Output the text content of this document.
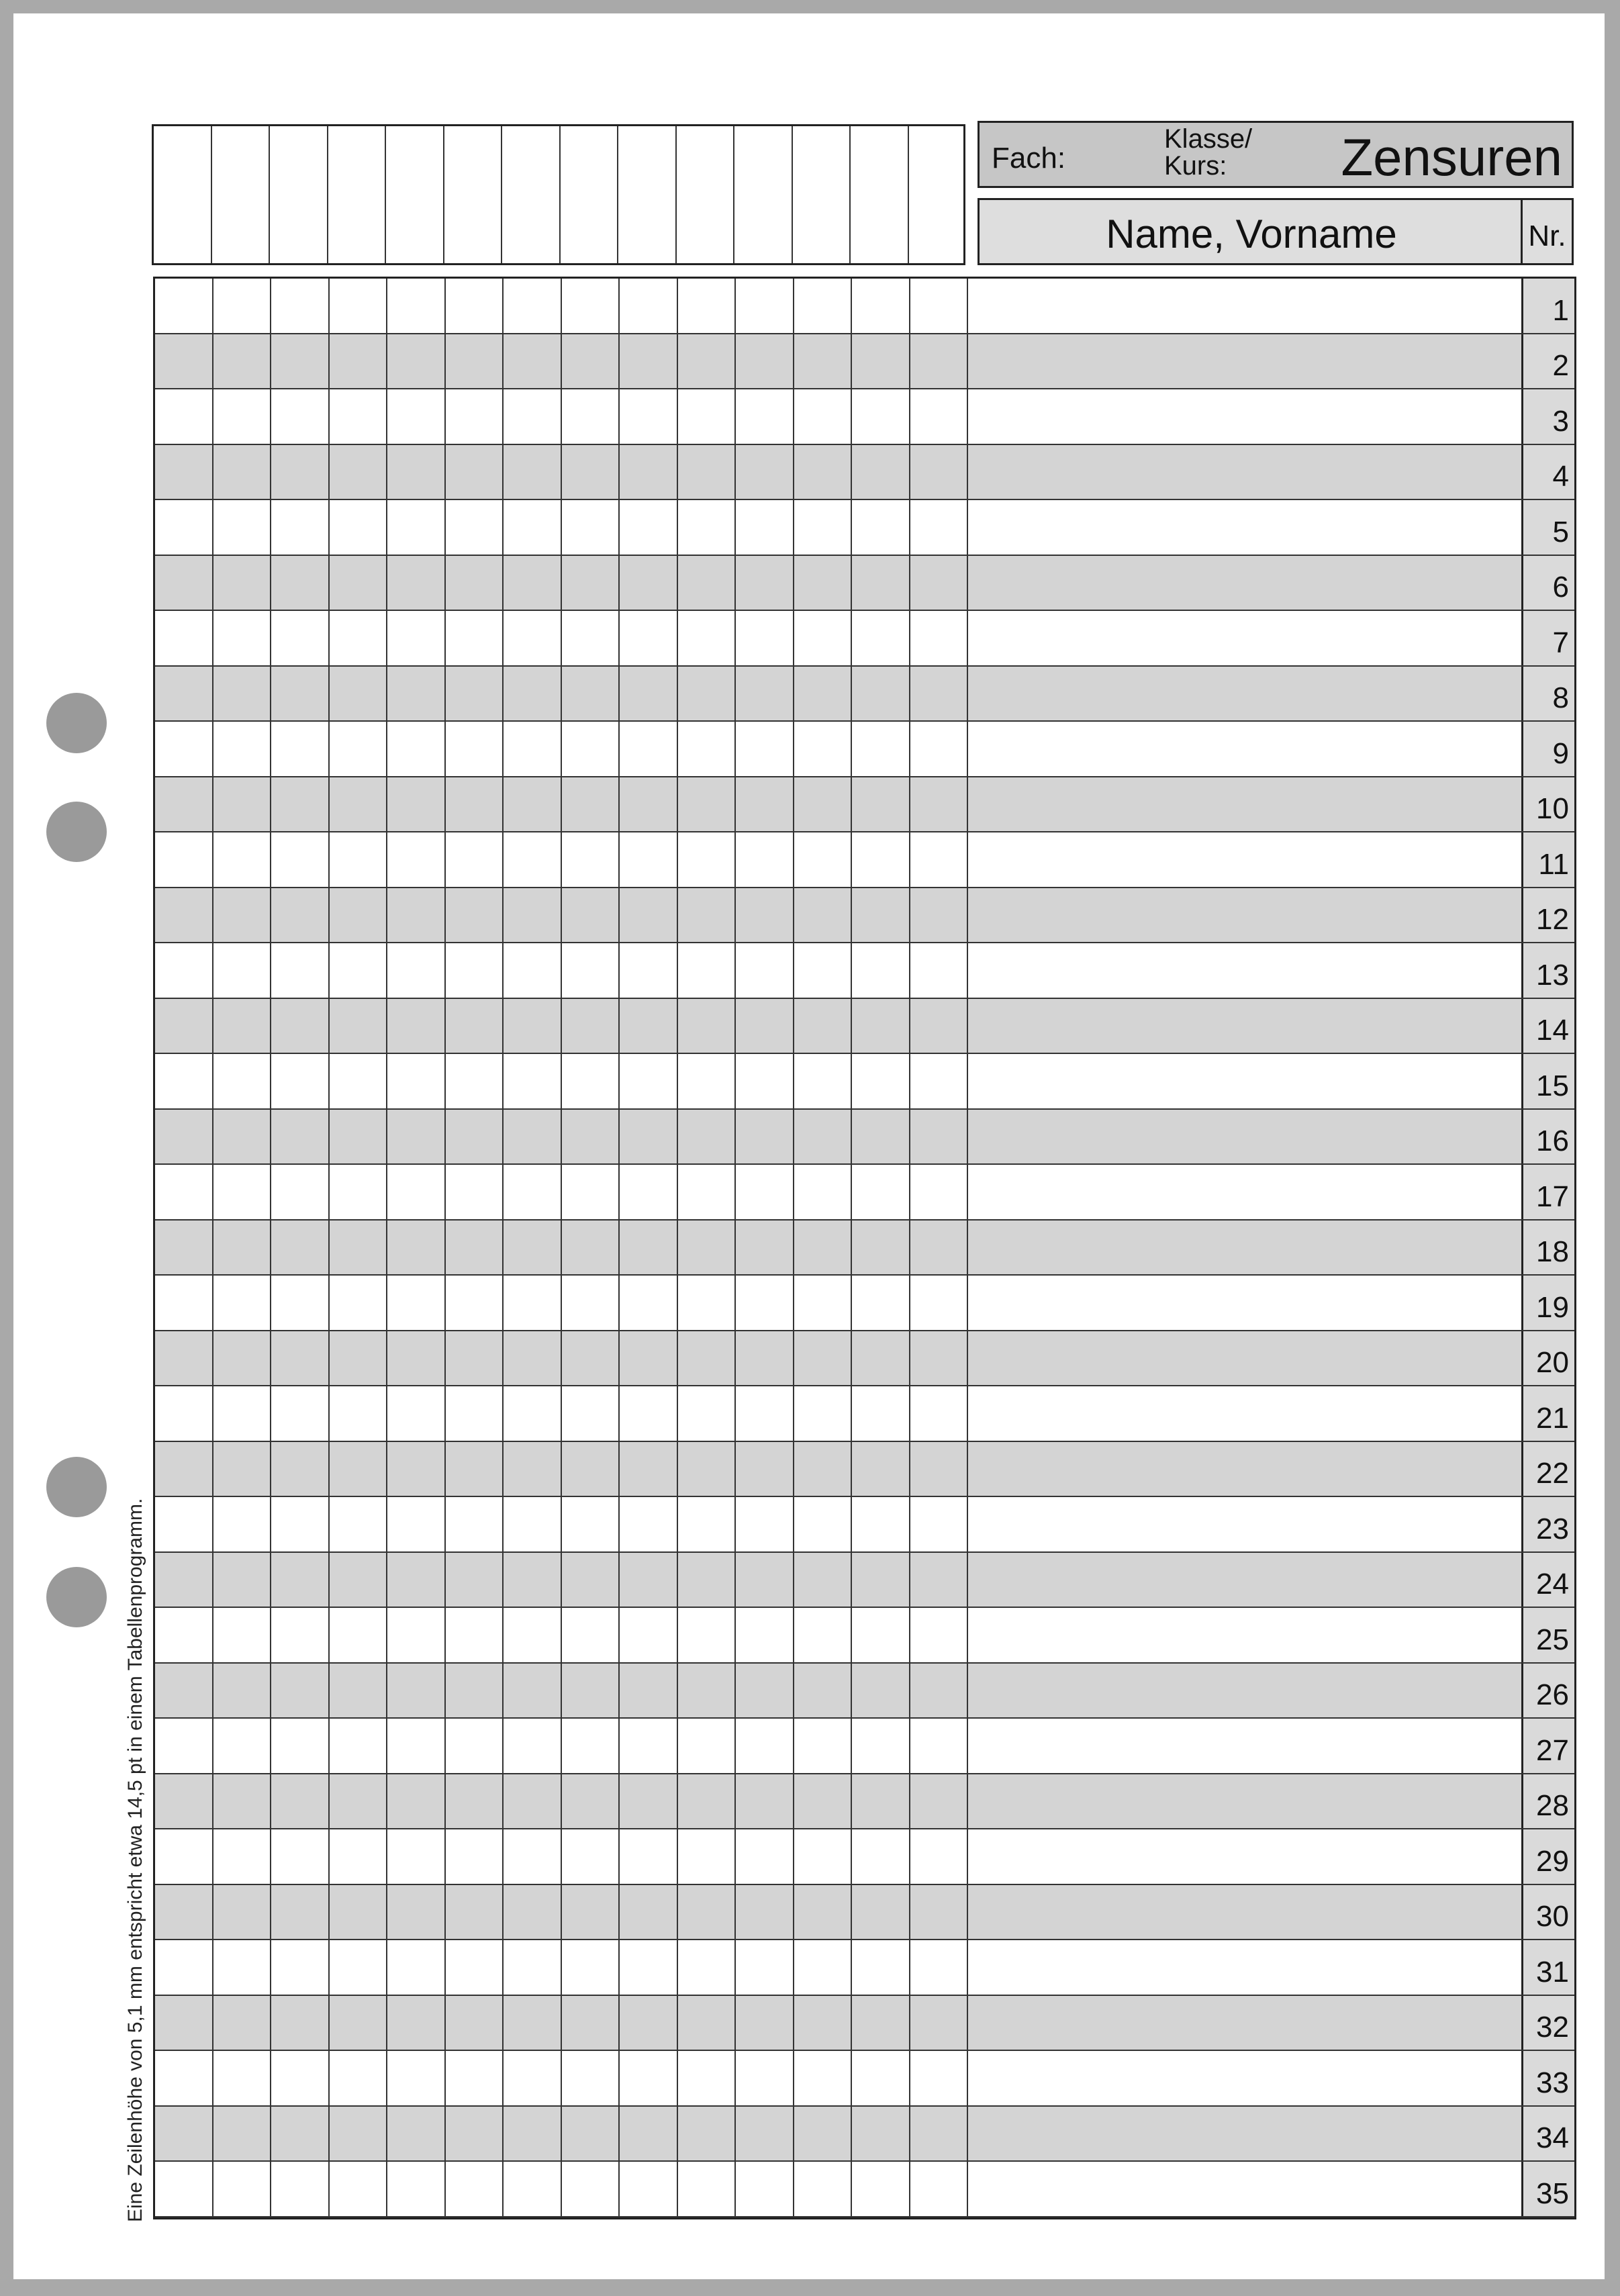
Eine Zeilenhöhe von 5,1 mm entspricht etwa 14,5 pt in einem Tabellenprogramm.
Fach:
Klasse/
Kurs:	Zensuren
Name, Vorname	Nr.
1
2
3
4
5
6
7
8
9
10
11
12
13
14
15
16
17
18
19
20
21
22
23
24
25
26
27
28
29
30
31
32
33
34
35
